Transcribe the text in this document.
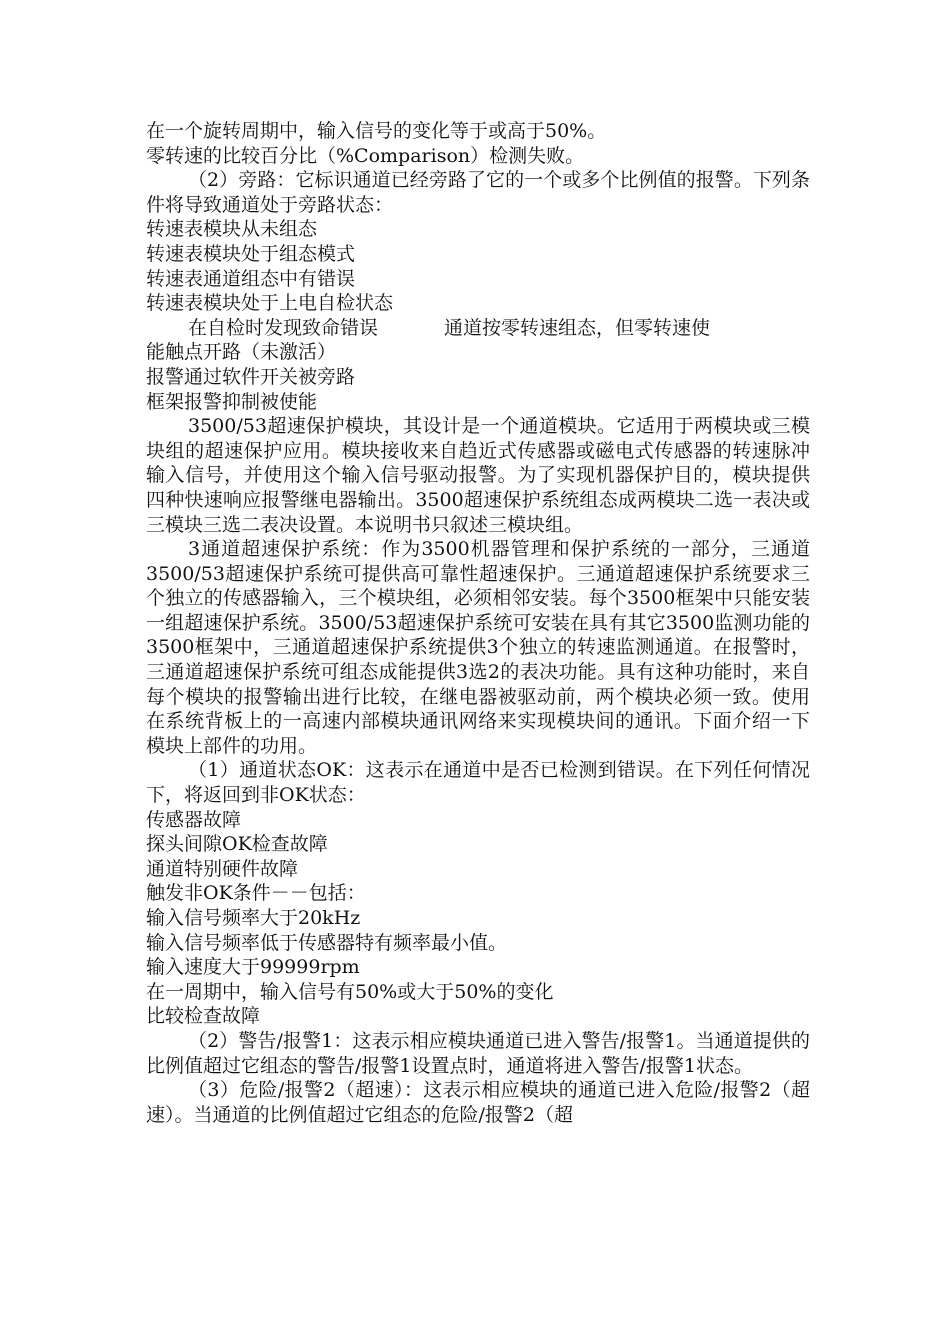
在一个旋转周期中，输入信号的变化等于或高于50%。

零转速的比较百分比（%Comparison）检测失败。

（2）旁路：它标识通道已经旁路了它的一个或多个比例值的报警。下列条件将导致通道处于旁路状态：

转速表模块从未组态

转速表模块处于组态模式

转速表通道组态中有错误

转速表模块处于上电自检状态

在自检时发现致命错误	通道按零转速组态，但零转速使

能触点开路（未激活）

报警通过软件开关被旁路

框架报警抑制被使能

3500/53超速保护模块，其设计是一个通道模块。它适用于两模块或三模块组的超速保护应用。模块接收来自趋近式传感器或磁电式传感器的转速脉冲输入信号，并使用这个输入信号驱动报警。为了实现机器保护目的，模块提供四种快速响应报警继电器输出。3500超速保护系统组态成两模块二选一表决或三模块三选二表决设置。本说明书只叙述三模块组。

3通道超速保护系统：作为3500机器管理和保护系统的一部分，三通道3500/53超速保护系统可提供高可靠性超速保护。三通道超速保护系统要求三个独立的传感器输入，三个模块组，必须相邻安装。每个3500框架中只能安装一组超速保护系统。3500/53超速保护系统可安装在具有其它3500监测功能的3500框架中，三通道超速保护系统提供3个独立的转速监测通道。在报警时，三通道超速保护系统可组态成能提供3选2的表决功能。具有这种功能时，来自每个模块的报警输出进行比较，在继电器被驱动前，两个模块必须一致。使用在系统背板上的一高速内部模块通讯网络来实现模块间的通讯。下面介绍一下模块上部件的功用。

（1）通道状态OK：这表示在通道中是否已检测到错误。在下列任何情况下，将返回到非OK状态：

传感器故障

探头间隙OK检查故障

通道特别硬件故障

触发非OK条件－－包括：

输入信号频率大于20kHz

输入信号频率低于传感器特有频率最小值。

输入速度大于99999rpm

在一周期中，输入信号有50%或大于50%的变化

比较检查故障

（2）警告/报警1：这表示相应模块通道已进入警告/报警1。当通道提供的比例值超过它组态的警告/报警1设置点时，通道将进入警告/报警1状态。

（3）危险/报警2（超速）：这表示相应模块的通道已进入危险/报警2（超速）。当通道的比例值超过它组态的危险/报警2（超
